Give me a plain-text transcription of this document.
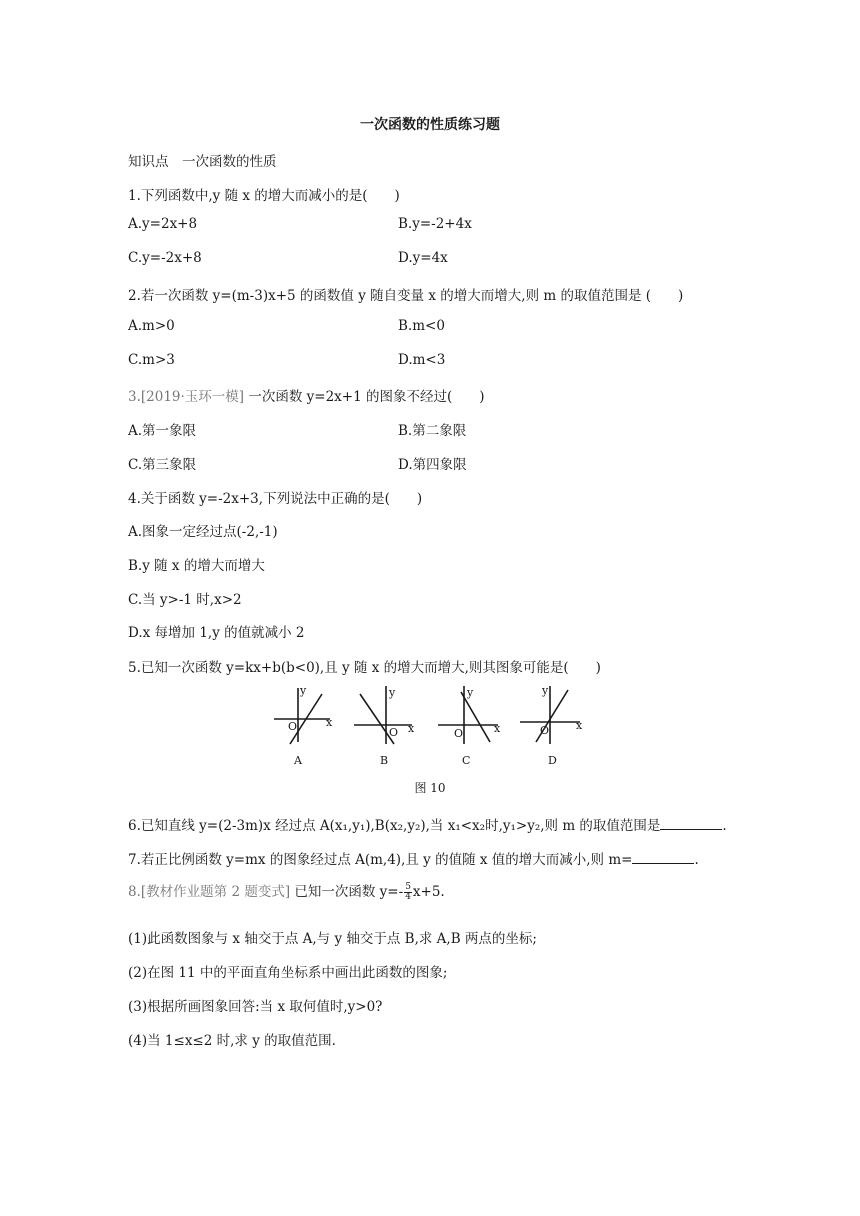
一次函数的性质练习题
知识点　一次函数的性质
1.下列函数中,y 随 x 的增大而减小的是(　　)
A.y=2x+8	B.y=-2+4x
C.y=-2x+8	D.y=4x
2.若一次函数 y=(m-3)x+5 的函数值 y 随自变量 x 的增大而增大,则 m 的取值范围是 (　　)
A.m>0	B.m<0
C.m>3	D.m<3
3.[2019·玉环一模] 一次函数 y=2x+1 的图象不经过(　　)
A.第一象限	B.第二象限
C.第三象限	D.第四象限
4.关于函数 y=-2x+3,下列说法中正确的是(　　)
A.图象一定经过点(-2,-1)
B.y 随 x 的增大而增大
C.当 y>-1 时,x>2
D.x 每增加 1,y 的值就减小 2
5.已知一次函数 y=kx+b(b<0),且 y 随 x 的增大而增大,则其图象可能是(　　)
y
x
O
A
y
x
O
B
y
x
O
C
y
x
O
D
图 10
6.已知直线 y=(2-3m)x 经过点 A(x₁,y₁),B(x₂,y₂),当 x₁<x₂时,y₁>y₂,则 m 的取值范围是	.
7.若正比例函数 y=mx 的图象经过点 A(m,4),且 y 的值随 x 值的增大而减小,则 m=	.
8.[教材作业题第 2 题变式] 已知一次函数 $y=- \frac{5}{4} x+5$.
(1)此函数图象与 x 轴交于点 A,与 y 轴交于点 B,求 A,B 两点的坐标;
(2)在图 11 中的平面直角坐标系中画出此函数的图象;
(3)根据所画图象回答:当 x 取何值时,y>0?
(4)当 1≤x≤2 时,求 y 的取值范围.
